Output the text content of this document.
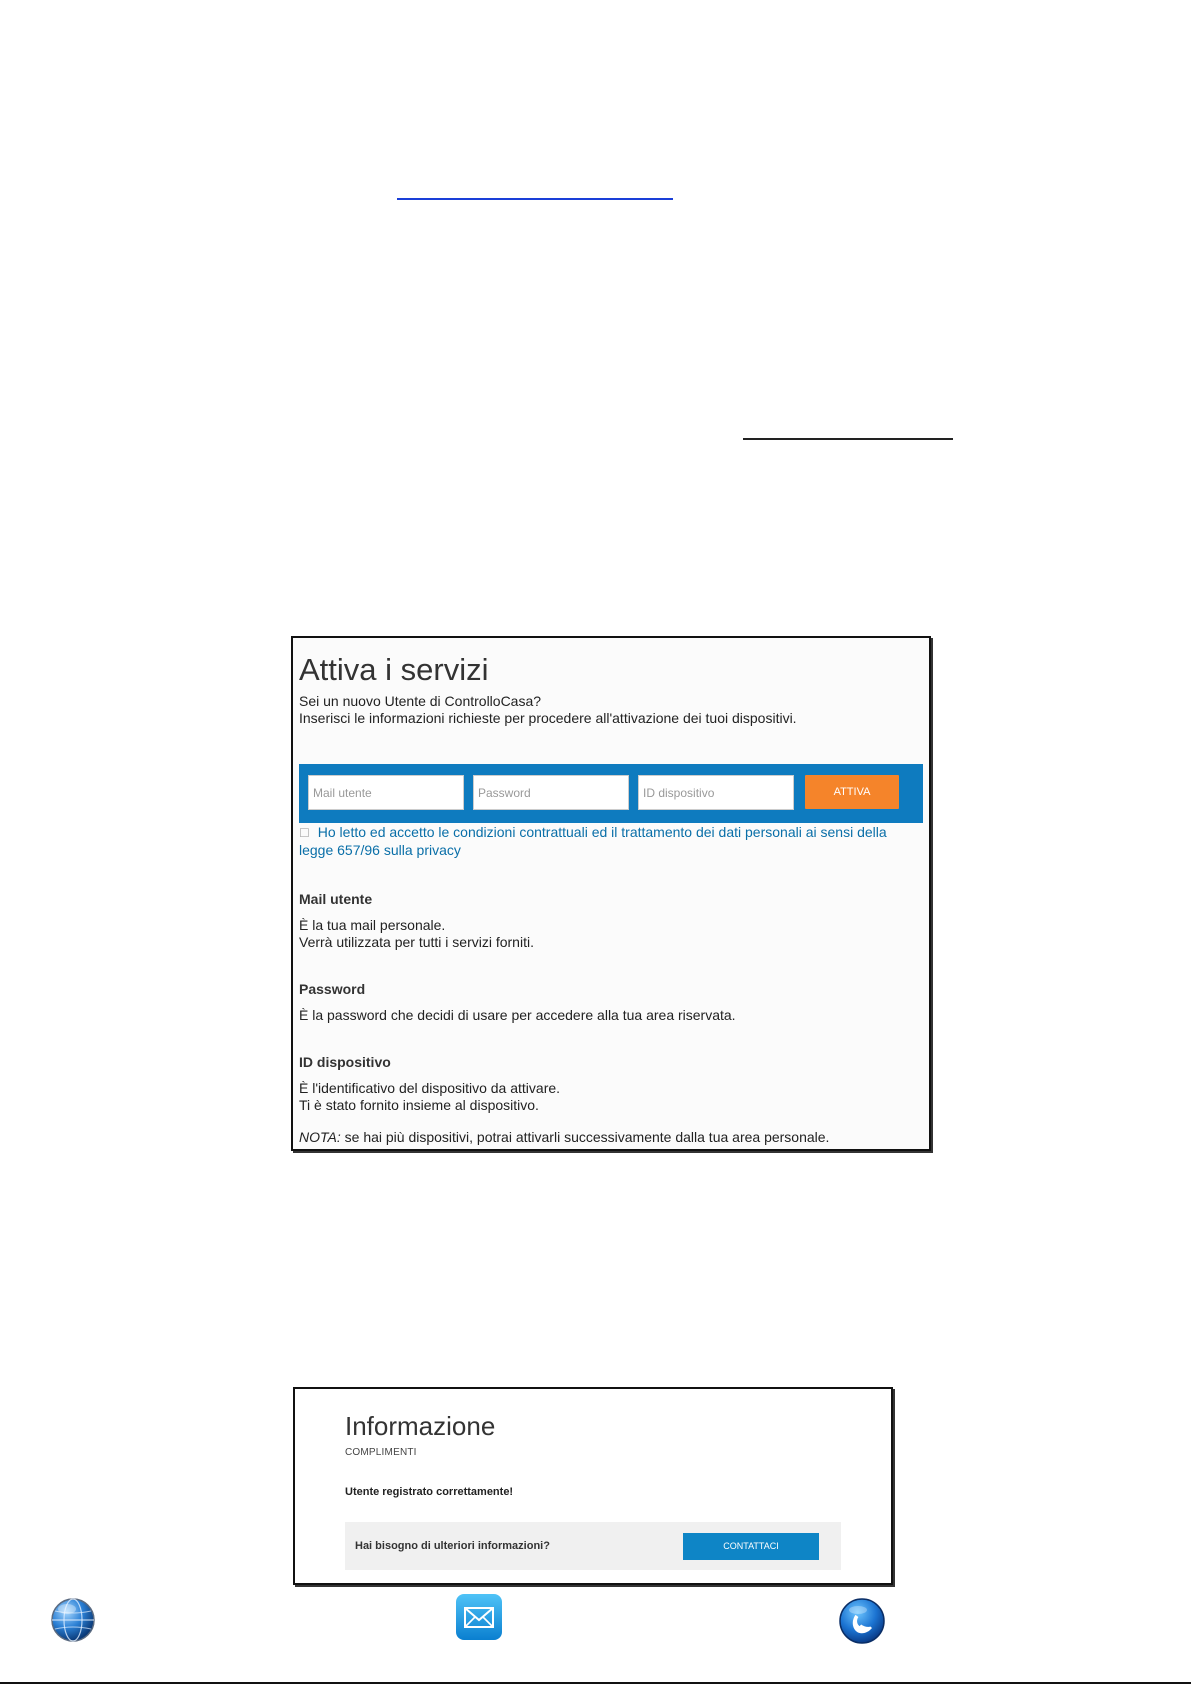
Attiva i servizi
Sei un nuovo Utente di ControlloCasa?
Inserisci le informazioni richieste per procedere all'attivazione dei tuoi dispositivi.
Mail utente	Password	ID dispositivo	ATTIVA
☐ Ho letto ed accetto le condizioni contrattuali ed il trattamento dei dati personali ai sensi della legge 657/96 sulla privacy
Mail utente
È la tua mail personale.
Verrà utilizzata per tutti i servizi forniti.
Password
È la password che decidi di usare per accedere alla tua area riservata.
ID dispositivo
È l'identificativo del dispositivo da attivare.
Ti è stato fornito insieme al dispositivo.
NOTA: se hai più dispositivi, potrai attivarli successivamente dalla tua area personale.
Informazione
COMPLIMENTI
Utente registrato correttamente!
Hai bisogno di ulteriori informazioni?	CONTATTACI
